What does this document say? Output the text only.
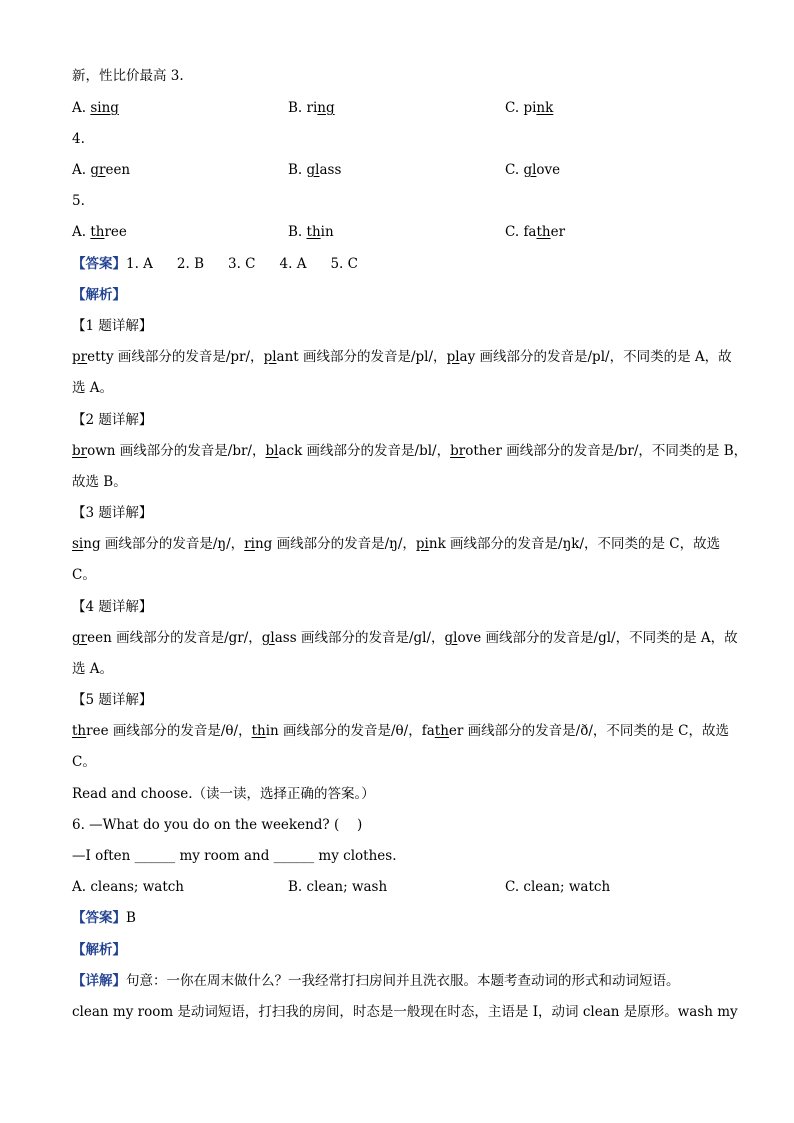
新，性比价最高 3.
A. sing	B. ring	C. pink
4.
A. green	B. glass	C. glove
5.
A. three	B. thin	C. father
【答案】1. A 2. B 3. C 4. A 5. C
【解析】
【1 题详解】
pretty 画线部分的发音是/pr/，plant 画线部分的发音是/pl/，play 画线部分的发音是/pl/，不同类的是 A，故
选 A。
【2 题详解】
brown 画线部分的发音是/br/，black 画线部分的发音是/bl/，brother 画线部分的发音是/br/，不同类的是 B，
故选 B。
【3 题详解】
sing 画线部分的发音是/ŋ/，ring 画线部分的发音是/ŋ/，pink 画线部分的发音是/ŋk/，不同类的是 C，故选
C。
【4 题详解】
green 画线部分的发音是/gr/，glass 画线部分的发音是/gl/，glove 画线部分的发音是/gl/，不同类的是 A，故
选 A。
【5 题详解】
three 画线部分的发音是/θ/，thin 画线部分的发音是/θ/，father 画线部分的发音是/ð/，不同类的是 C，故选
C。
Read and choose.（读一读，选择正确的答案。）
6. —What do you do on the weekend? (　 )
—I often ______ my room and ______ my clothes.
A. cleans; watch	B. clean; wash	C. clean; watch
【答案】B
【解析】
【详解】句意：一你在周末做什么？一我经常打扫房间并且洗衣服。本题考查动词的形式和动词短语。
clean my room 是动词短语，打扫我的房间，时态是一般现在时态，主语是 I，动词 clean 是原形。wash my
